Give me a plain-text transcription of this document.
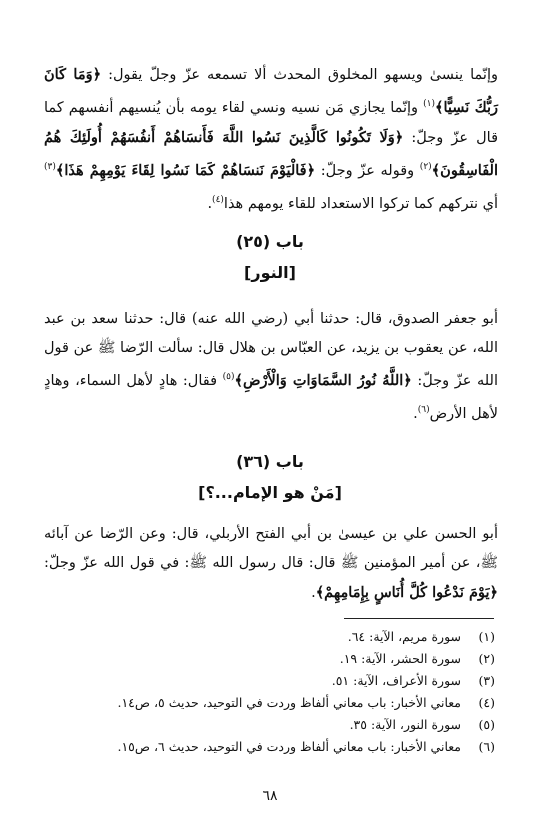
وإنّما ينسىٰ ويسهو المخلوق المحدث ألا تسمعه عزّ وجلّ يقول: ﴿وَمَا كَانَ رَبُّكَ نَسِيًّا﴾$^{(١)}$ وإنّما يجازي مَن نسيه ونسي لقاء يومه بأن يُنسيهم أنفسهم كما قال عزّ وجلّ: ﴿وَلَا تَكُونُوا كَالَّذِينَ نَسُوا اللَّهَ فَأَنسَاهُمْ أَنفُسَهُمْ أُولَئِكَ هُمُ الْفَاسِقُونَ﴾$^{(٢)}$ وقوله عزّ وجلّ: ﴿فَالْيَوْمَ نَنسَاهُمْ كَمَا نَسُوا لِقَاءَ يَوْمِهِمْ هَذَا﴾$^{(٣)}$ أي نتركهم كما تركوا الاستعداد للقاء يومهم هذا$^{(٤)}$.

باب (٢٥)
[النور]

أبو جعفر الصدوق، قال: حدثنا أبي (رضي الله عنه) قال: حدثنا سعد بن عبد الله، عن يعقوب بن يزيد، عن العبّاس بن هلال قال: سألت الرّضا ﷺ عن قول الله عزّ وجلّ: ﴿اللَّهُ نُورُ السَّمَاوَاتِ وَالْأَرْضِ﴾$^{(٥)}$ فقال: هادٍ لأهل السماء، وهادٍ لأهل الأرض$^{(٦)}$.

باب (٣٦)
[مَنْ هو الإمام...؟]

أبو الحسن علي بن عيسىٰ بن أبي الفتح الأربلي، قال: وعن الرّضا عن آبائه ﷺ، عن أمير المؤمنين ﷺ قال: قال رسول الله ﷺ: في قول الله عزّ وجلّ: ﴿يَوْمَ نَدْعُوا كُلَّ أُنَاسٍ بِإِمَامِهِمْ﴾.

(١)سورة مريم، الآية: ٦٤.
(٢)سورة الحشر، الآية: ١٩.
(٣)سورة الأعراف، الآية: ٥١.
(٤)معاني الأخبار: باب معاني ألفاظ وردت في التوحيد، حديث ٥، ص١٤.
(٥)سورة النور، الآية: ٣٥.
(٦)معاني الأخبار: باب معاني ألفاظ وردت في التوحيد، حديث ٦، ص١٥.
٦٨
